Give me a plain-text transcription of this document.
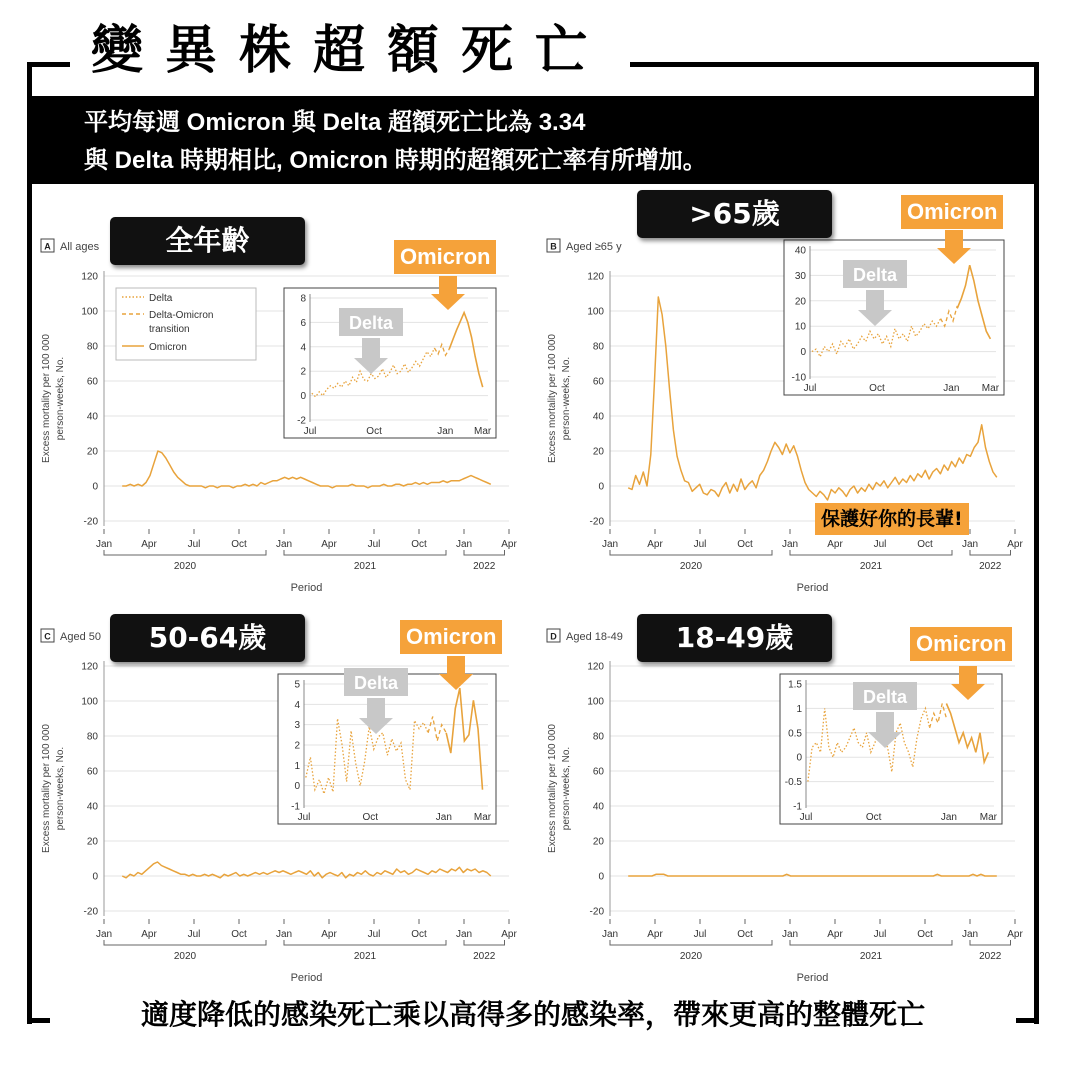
變異株超額死亡
平均每週 Omicron 與 Delta 超額死亡比為 3.34
與 Delta 時期相比, Omicron 時期的超額死亡率有所增加。
A All ages
-20
0
20
40
60
80
100
120
Excess mortality per 100 000 person-weeks, No.
Jan	Apr	Jul	Oct	Jan	Apr	Jul	Oct	Jan	Apr
2020	2021	2022
Period
Delta
Delta-Omicron
transition
Omicron
-2
0
2
4
6
8
Jul	Oct	Jan Mar
Delta
B Aged ≥65 y
-20
0
20
40
60
80
100
120
Excess mortality per 100 000 person-weeks, No.
Jan	Apr	Jul	Oct	Jan	Apr	Jul	Oct	Jan	Apr
2020	2021	2022
Period
-10
0
10
20
30
40
Jul	Oct	Jan Mar
Delta
C Aged 50
-20
0
20
40
60
80
100
120
Excess mortality per 100 000 person-weeks, No.
Jan	Apr	Jul	Oct	Jan	Apr	Jul	Oct	Jan	Apr
2020	2021	2022
Period
-1
0
1
2
3
4
5
Jul	Oct	Jan Mar
Delta
D Aged 18-49
-20
0
20
40
60
80
100
120
Excess mortality per 100 000 person-weeks, No.
Jan	Apr	Jul	Oct	Jan	Apr	Jul	Oct	Jan	Apr
2020	2021	2022
Period
-1
-0.5
0
0.5
1
1.5
Jul	Oct	Jan Mar
Delta
全年齡
>65歲
50-64歲	18-49歲
Omicron
Omicron
Omicron	Omicron
保護好你的長輩!
適度降低的感染死亡乘以高得多的感染率，帶來更高的整體死亡
